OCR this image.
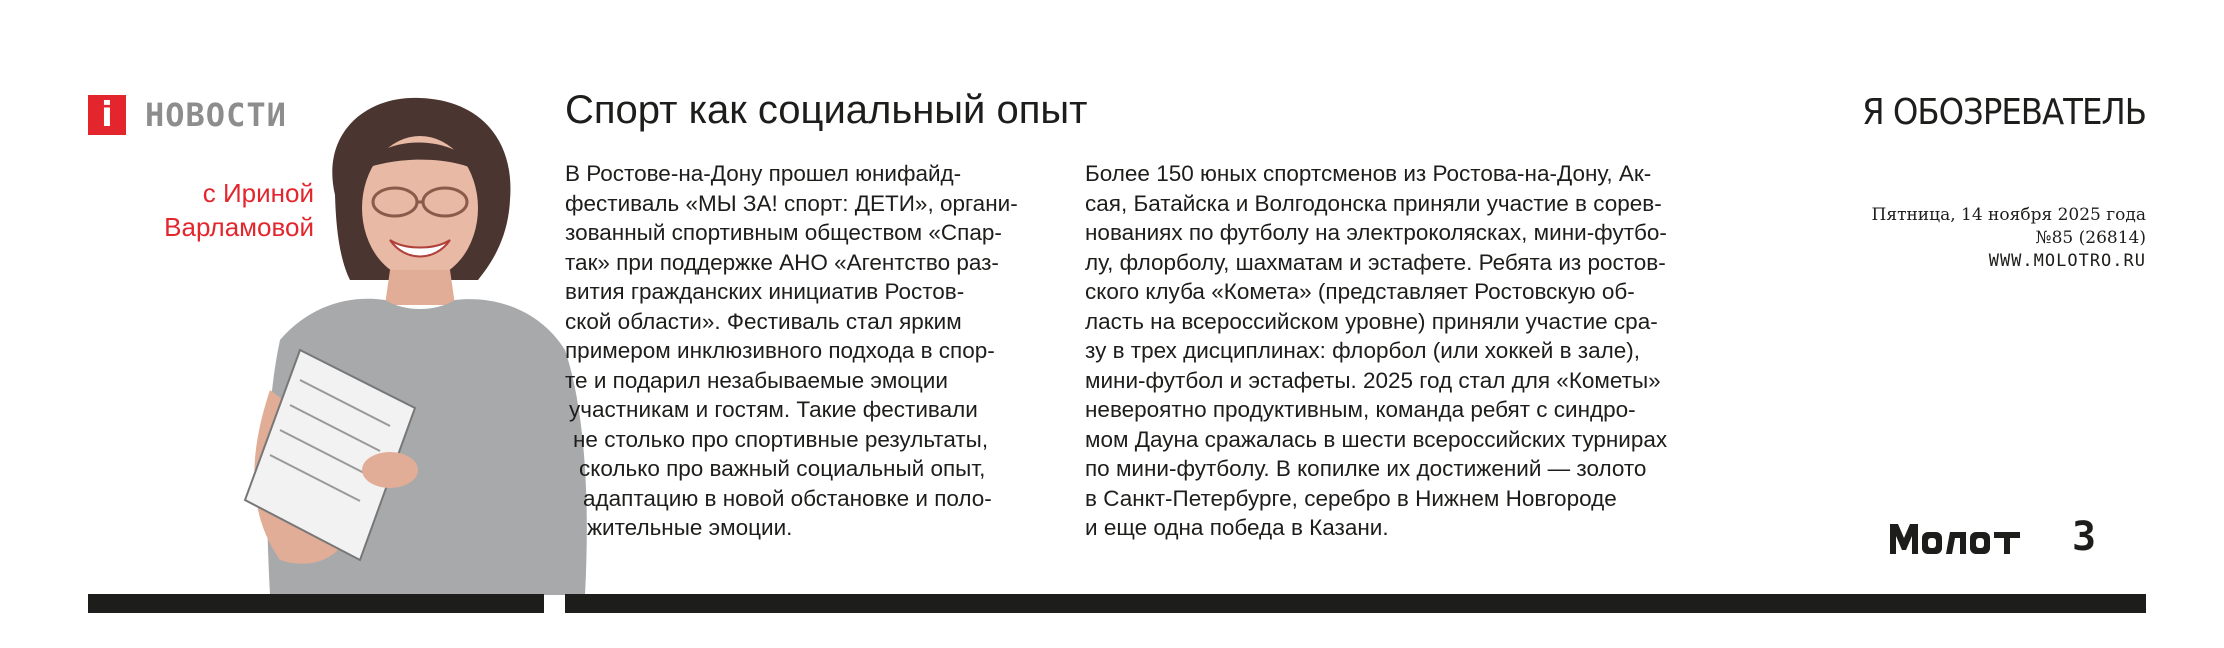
i	НОВОСТИ
с Ириной
Варламовой
Спорт как социальный опыт
В Ростове-на-Дону прошел юнифайд-
фестиваль «МЫ ЗА! спорт: ДЕТИ», органи-
зованный спортивным обществом «Спар-
так» при поддержке АНО «Агентство раз-
вития гражданских инициатив Ростов-
ской области». Фестиваль стал ярким
примером инклюзивного подхода в спор-
те и подарил незабываемые эмоции
участникам и гостям. Такие фестивали
не столько про спортивные результаты,
сколько про важный социальный опыт,
адаптацию в новой обстановке и поло-
жительные эмоции.
Более 150 юных спортсменов из Ростова-на-Дону, Ак-
сая, Батайска и Волгодонска приняли участие в сорев-
нованиях по футболу на электроколясках, мини-футбо-
лу, флорболу, шахматам и эстафете. Ребята из ростов-
ского клуба «Комета» (представляет Ростовскую об-
ласть на всероссийском уровне) приняли участие сра-
зу в трех дисциплинах: флорбол (или хоккей в зале),
мини-футбол и эстафеты. 2025 год стал для «Кометы»
невероятно продуктивным, команда ребят с синдро-
мом Дауна сражалась в шести всероссийских турнирах
по мини-футболу. В копилке их достижений — золото
в Санкт-Петербурге, серебро в Нижнем Новгороде
и еще одна победа в Казани.
Я ОБОЗРЕВАТЕЛЬ
Пятница, 14 ноября 2025 года
№85 (26814)
WWW.MOLOTRO.RU
3
